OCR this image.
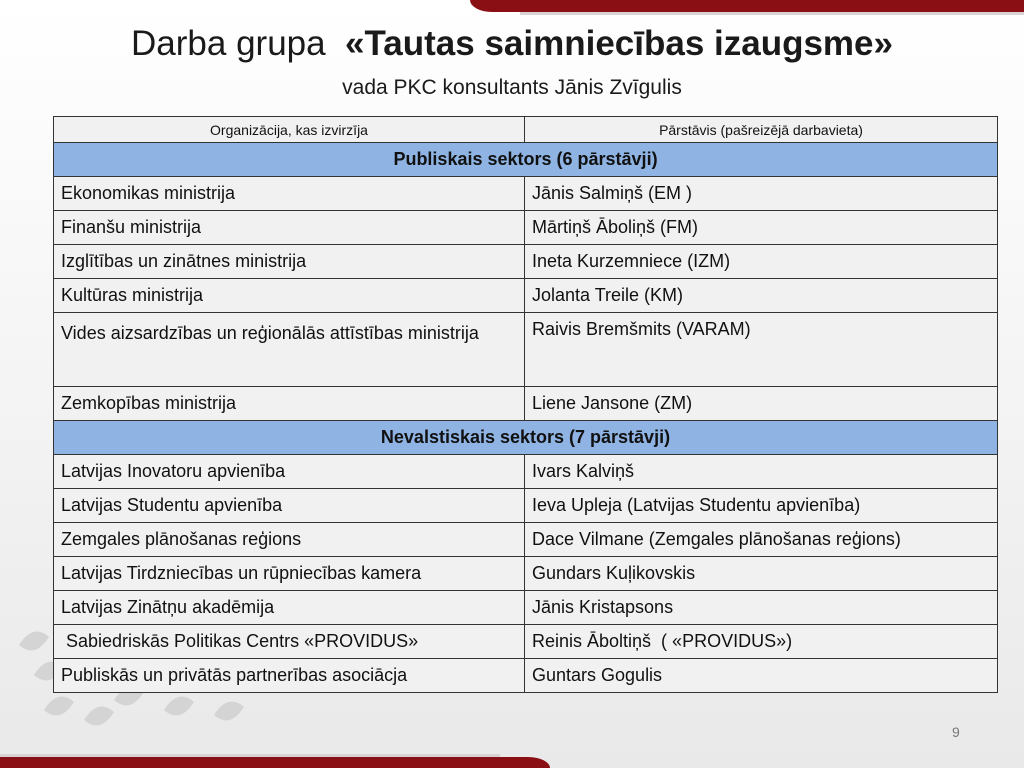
Darba grupa «Tautas saimniecības izaugsme»
vada PKC konsultants Jānis Zvīgulis
Organizācija, kas izvirzīja	Pārstāvis (pašreizējā darbavieta)
Publiskais sektors (6 pārstāvji)	
Ekonomikas ministrija	Jānis Salmiņš (EM )
Finanšu ministrija	Mārtiņš Āboliņš (FM)
Izglītības un zinātnes ministrija	Ineta Kurzemniece (IZM)
Kultūras ministrija	Jolanta Treile (KM)
Vides aizsardzības un reģionālās attīstības ministrija	Raivis Bremšmits (VARAM)
Zemkopības ministrija	Liene Jansone (ZM)
Nevalstiskais sektors (7 pārstāvji)	
Latvijas Inovatoru apvienība	Ivars Kalviņš
Latvijas Studentu apvienība	Ieva Upleja (Latvijas Studentu apvienība)
Zemgales plānošanas reģions	Dace Vilmane (Zemgales plānošanas reģions)
Latvijas Tirdzniecības un rūpniecības kamera	Gundars Kuļikovskis
Latvijas Zinātņu akadēmija	Jānis Kristapsons
Sabiedriskās Politikas Centrs «PROVIDUS»	Reinis Āboltiņš  ( «PROVIDUS»)
Publiskās un privātās partnerības asociācja	Guntars Gogulis
9
